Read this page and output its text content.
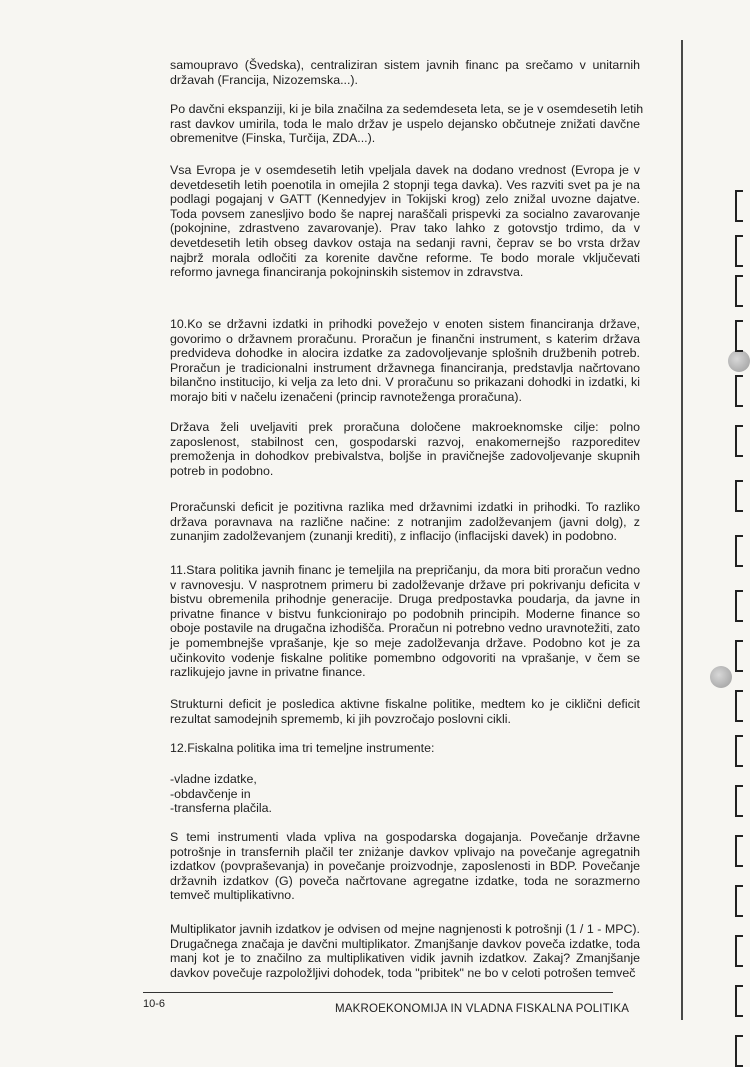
samoupravo (Švedska), centraliziran sistem javnih financ pa srečamo v unitarnih
državah (Francija, Nizozemska...).
Po davčni ekspanziji, ki je bila značilna za sedemdeseta leta, se je v osemdesetih letih
rast davkov umirila, toda le malo držav je uspelo dejansko občutneje znižati davčne
obremenitve (Finska, Turčija, ZDA...).
Vsa Evropa je v osemdesetih letih vpeljala davek na dodano vrednost (Evropa je v
devetdesetih letih poenotila in omejila 2 stopnji tega davka). Ves razviti svet pa je na
podlagi pogajanj v GATT (Kennedyjev in Tokijski krog) zelo znižal uvozne dajatve.
Toda povsem zanesljivo bodo še naprej naraščali prispevki za socialno zavarovanje
(pokojnine, zdrastveno zavarovanje). Prav tako lahko z gotovstjo trdimo, da v
devetdesetih letih obseg davkov ostaja na sedanji ravni, čeprav se bo vrsta držav
najbrž morala odločiti za korenite davčne reforme. Te bodo morale vključevati
reformo javnega financiranja pokojninskih sistemov in zdravstva.
10.Ko se državni izdatki in prihodki povežejo v enoten sistem financiranja države,
govorimo o državnem proračunu. Proračun je finančni instrument, s katerim država
predvideva dohodke in alocira izdatke za zadovoljevanje splošnih družbenih potreb.
Proračun je tradicionalni instrument državnega financiranja, predstavlja načrtovano
bilančno institucijo, ki velja za leto dni. V proračunu so prikazani dohodki in izdatki, ki
morajo biti v načelu izenačeni (princip ravnoteženga proračuna).
Država želi uveljaviti prek proračuna določene makroeknomske cilje: polno
zaposlenost, stabilnost cen, gospodarski razvoj, enakomernejšo razporeditev
premoženja in dohodkov prebivalstva, boljše in pravičnejše zadovoljevanje skupnih
potreb in podobno.
Proračunski deficit je pozitivna razlika med državnimi izdatki in prihodki. To razliko
država poravnava na različne načine: z notranjim zadolževanjem (javni dolg), z
zunanjim zadolževanjem (zunanji krediti), z inflacijo (inflacijski davek) in podobno.
11.Stara politika javnih financ je temeljila na prepričanju, da mora biti proračun vedno
v ravnovesju. V nasprotnem primeru bi zadolževanje države pri pokrivanju deficita v
bistvu obremenila prihodnje generacije. Druga predpostavka poudarja, da javne in
privatne finance v bistvu funkcionirajo po podobnih principih. Moderne finance so
oboje postavile na drugačna izhodišča. Proračun ni potrebno vedno uravnotežiti, zato
je pomembnejše vprašanje, kje so meje zadolževanja države. Podobno kot je za
učinkovito vodenje fiskalne politike pomembno odgovoriti na vprašanje, v čem se
razlikujejo javne in privatne finance.
Strukturni deficit je posledica aktivne fiskalne politike, medtem ko je ciklični deficit
rezultat samodejnih sprememb, ki jih povzročajo poslovni cikli.
12.Fiskalna politika ima tri temeljne instrumente:
-vladne izdatke,
-obdavčenje in
-transferna plačila.
S temi instrumenti vlada vpliva na gospodarska dogajanja. Povečanje državne
potrošnje in transfernih plačil ter zniżanje davkov vplivajo na povečanje agregatnih
izdatkov (povpraševanja) in povečanje proizvodnje, zaposlenosti in BDP. Povečanje
državnih izdatkov (G) poveča načrtovane agregatne izdatke, toda ne sorazmerno
temveč multiplikativno.
Multiplikator javnih izdatkov je odvisen od mejne nagnjenosti k potrošnji (1 / 1 - MPC).
Drugačnega značaja je davčni multiplikator. Zmanjšanje davkov poveča izdatke, toda
manj kot je to značilno za multiplikativen vidik javnih izdatkov. Zakaj? Zmanjšanje
davkov povečuje razpoložljivi dohodek, toda "pribitek" ne bo v celoti potrošen temveč
10-6	MAKROEKONOMIJA IN VLADNA FISKALNA POLITIKA
